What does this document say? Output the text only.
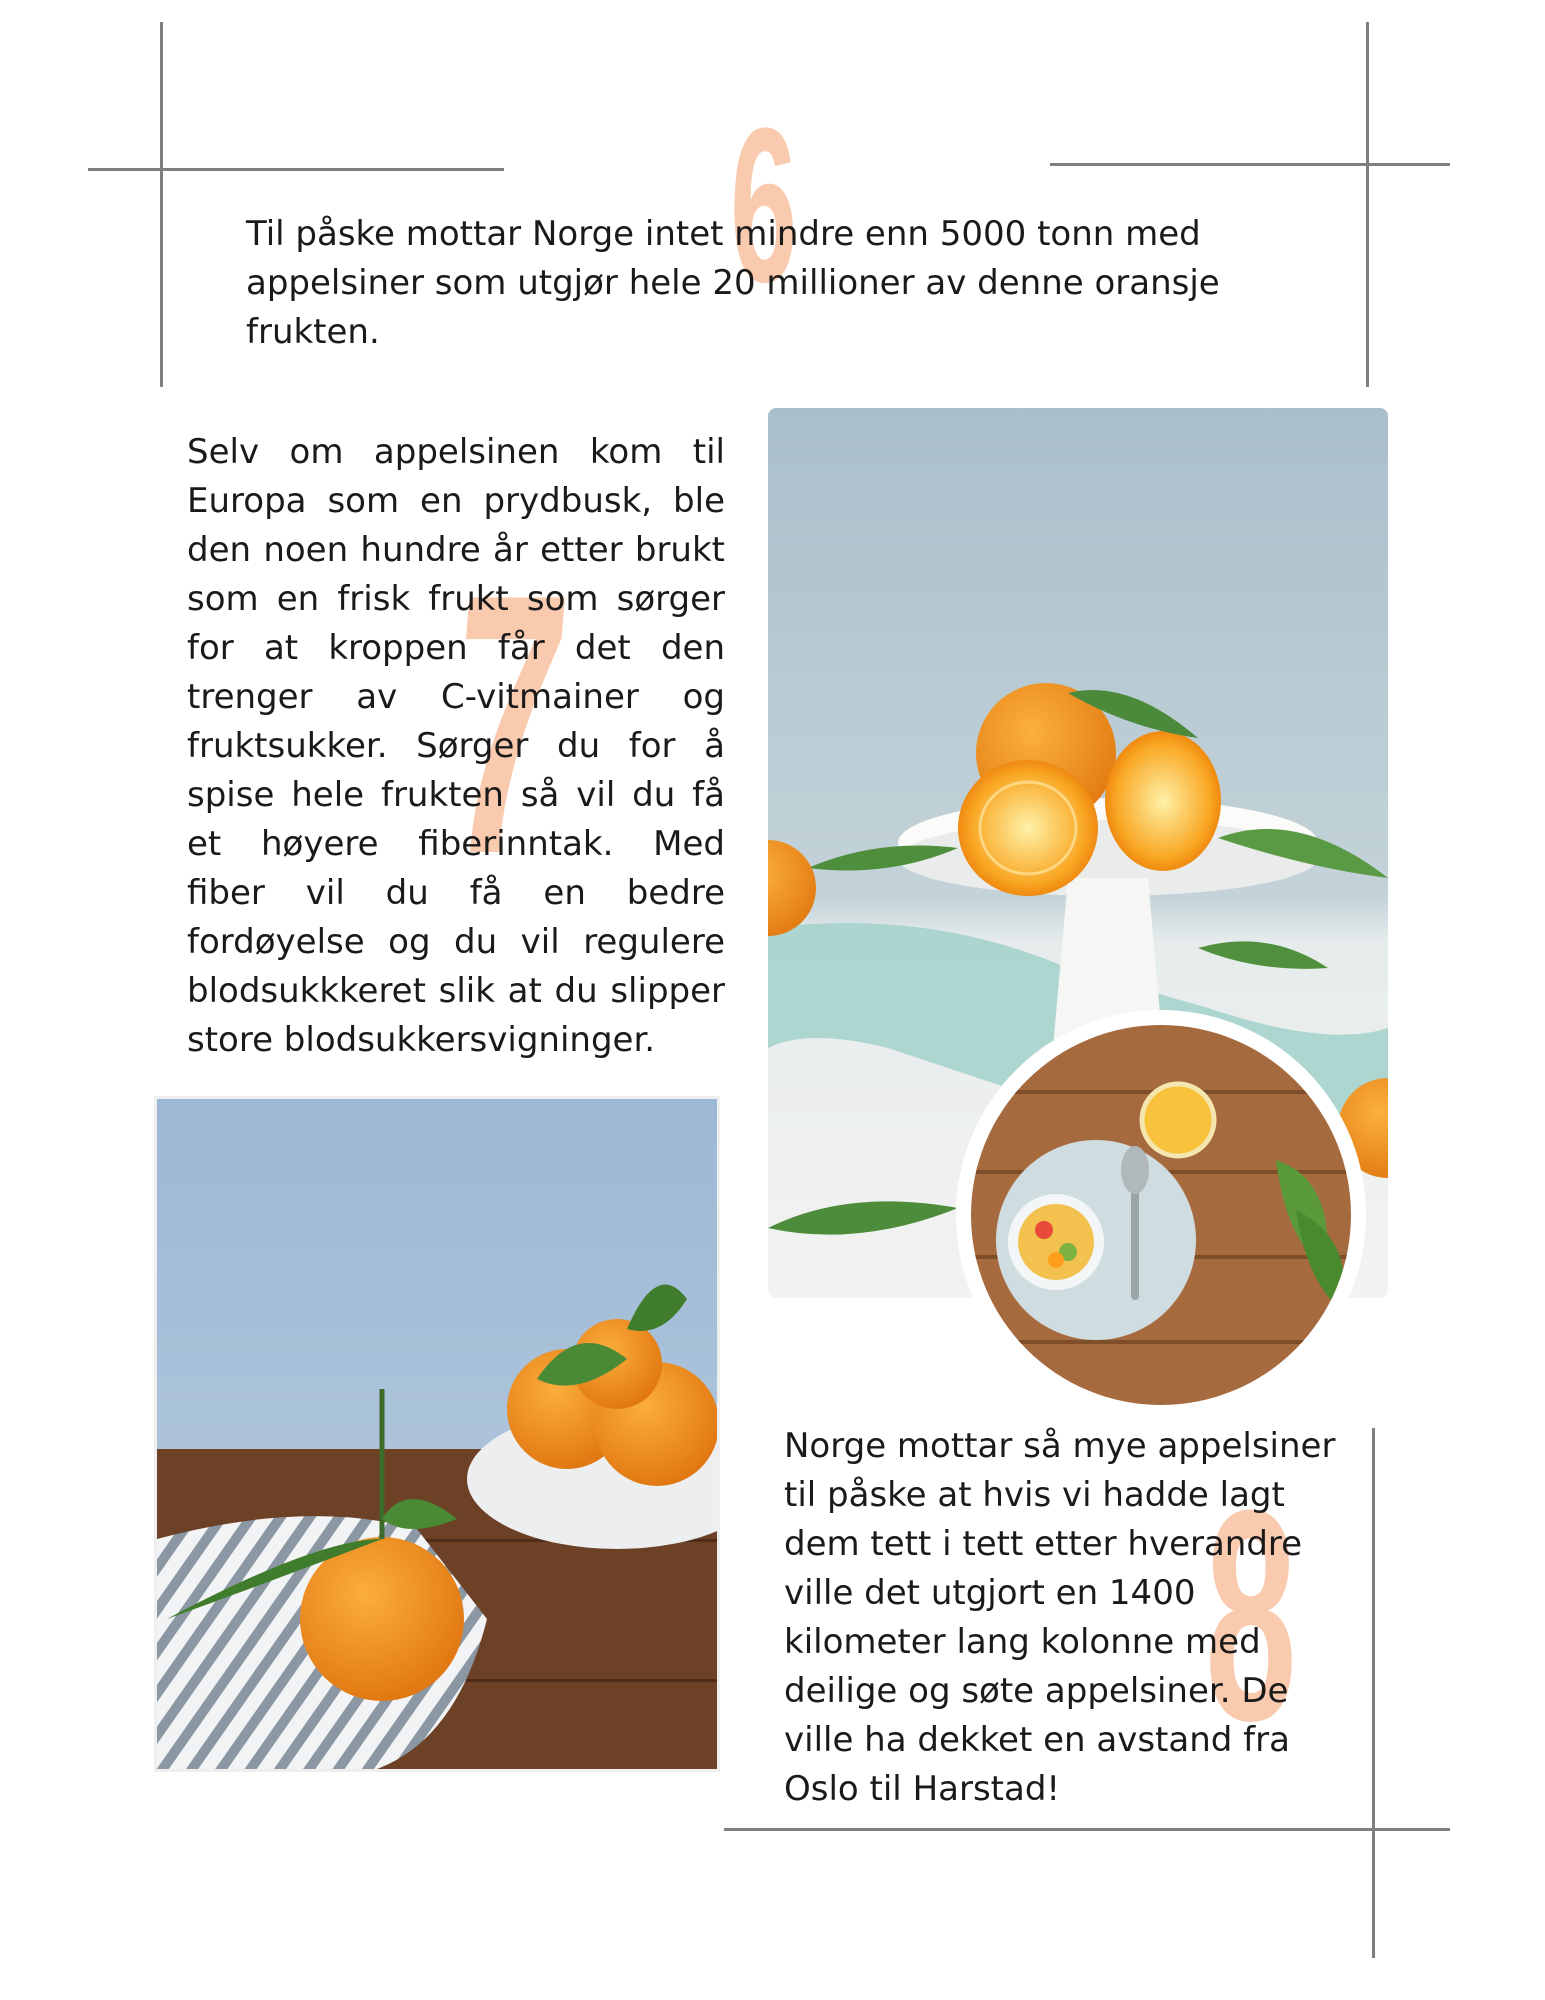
6
Til påske mottar Norge intet mindre enn 5000 tonn med appelsiner som utgjør hele 20 millioner av denne oransje frukten.
7
Selv om appelsinen kom til Europa som en prydbusk, ble den noen hundre år etter brukt som en frisk frukt som sørger for at kroppen får det den trenger av C-vitmainer og fruktsukker. Sørger du for å spise hele frukten så vil du få et høyere fiberinntak. Med fiber vil du få en bedre fordøyelse og du vil regulere blodsukkkeret slik at du slipper store blodsukkersvigninger.
8
Norge mottar så mye appelsiner til påske at hvis vi hadde lagt dem tett i tett etter hverandre ville det utgjort en 1400 kilometer lang kolonne med deilige og søte appelsiner. De ville ha dekket en avstand fra Oslo til Harstad!
